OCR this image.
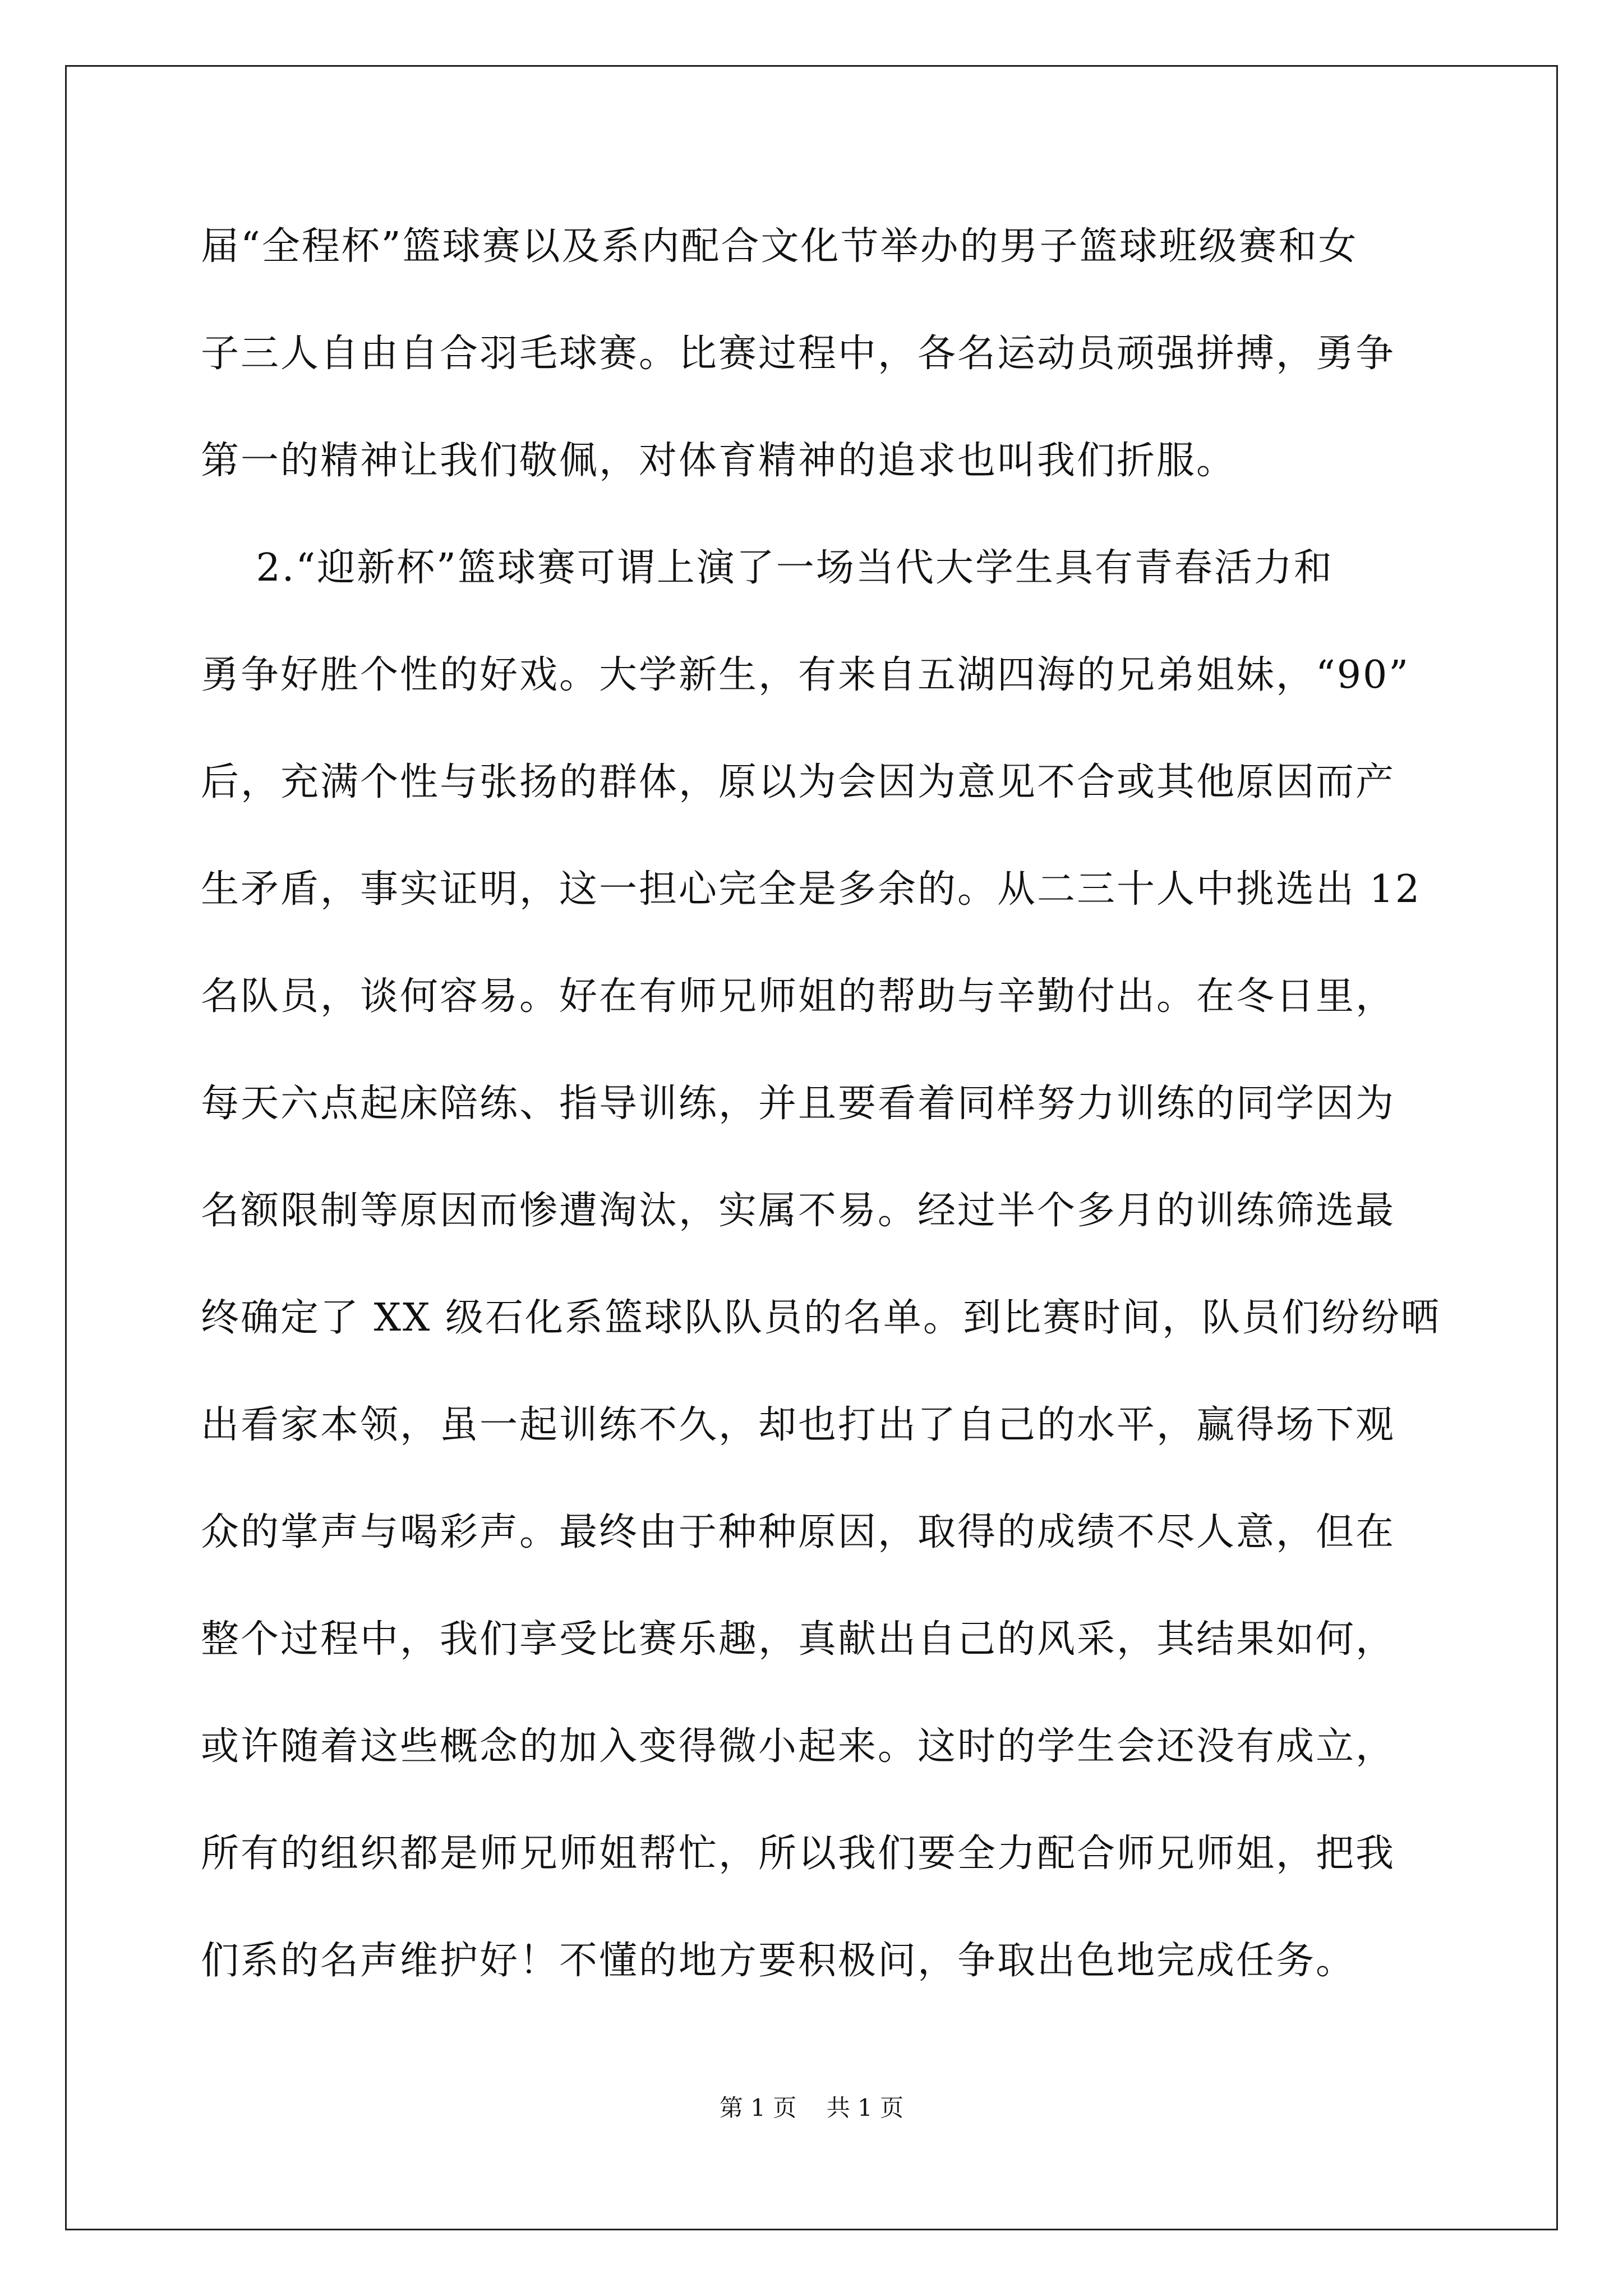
届“全程杯”篮球赛以及系内配合文化节举办的男子篮球班级赛和女
子三人自由自合羽毛球赛。比赛过程中，各名运动员顽强拼搏，勇争
第一的精神让我们敬佩，对体育精神的追求也叫我们折服。
2.“迎新杯”篮球赛可谓上演了一场当代大学生具有青春活力和
勇争好胜个性的好戏。大学新生，有来自五湖四海的兄弟姐妹，“90”
后，充满个性与张扬的群体，原以为会因为意见不合或其他原因而产
生矛盾，事实证明，这一担心完全是多余的。从二三十人中挑选出 12
名队员，谈何容易。好在有师兄师姐的帮助与辛勤付出。在冬日里，
每天六点起床陪练、指导训练，并且要看着同样努力训练的同学因为
名额限制等原因而惨遭淘汰，实属不易。经过半个多月的训练筛选最
终确定了 XX 级石化系篮球队队员的名单。到比赛时间，队员们纷纷晒
出看家本领，虽一起训练不久，却也打出了自己的水平，赢得场下观
众的掌声与喝彩声。最终由于种种原因，取得的成绩不尽人意，但在
整个过程中，我们享受比赛乐趣，真献出自己的风采，其结果如何，
或许随着这些概念的加入变得微小起来。这时的学生会还没有成立，
所有的组织都是师兄师姐帮忙，所以我们要全力配合师兄师姐，把我
们系的名声维护好！不懂的地方要积极问，争取出色地完成任务。
第 1 页    共 1 页
